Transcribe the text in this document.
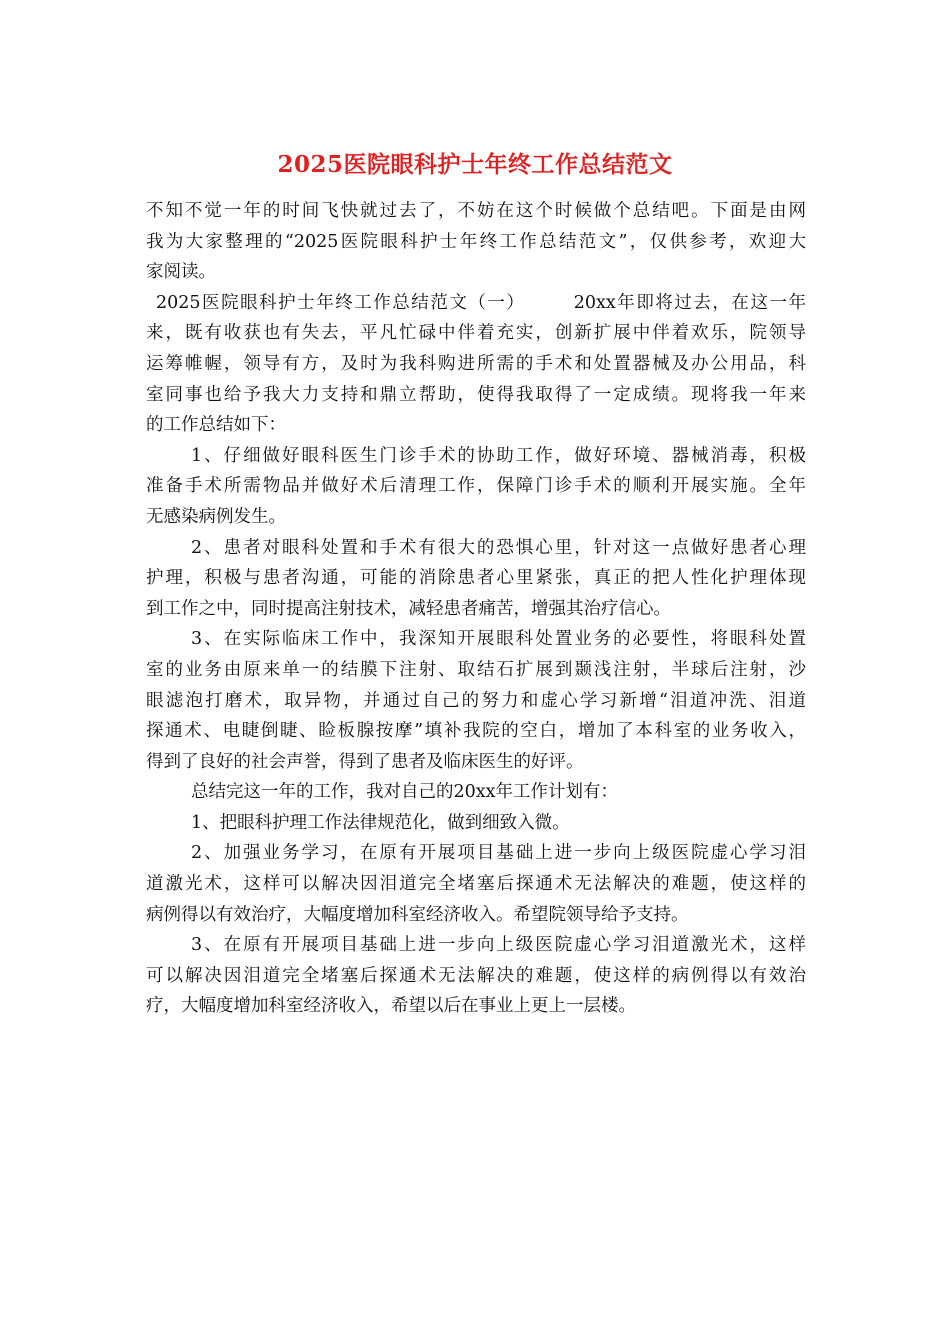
2025医院眼科护士年终工作总结范文
不知不觉一年的时间飞快就过去了，不妨在这个时候做个总结吧。下面是由网
我为大家整理的“2025医院眼科护士年终工作总结范文”，仅供参考，欢迎大
家阅读。
2025医院眼科护士年终工作总结范文（一）　　　20xx年即将过去，在这一年
来，既有收获也有失去，平凡忙碌中伴着充实，创新扩展中伴着欢乐，院领导
运筹帷幄，领导有方，及时为我科购进所需的手术和处置器械及办公用品，科
室同事也给予我大力支持和鼎立帮助，使得我取得了一定成绩。现将我一年来
的工作总结如下：
1、仔细做好眼科医生门诊手术的协助工作，做好环境、器械消毒，积极
准备手术所需物品并做好术后清理工作，保障门诊手术的顺利开展实施。全年
无感染病例发生。
2、患者对眼科处置和手术有很大的恐惧心里，针对这一点做好患者心理
护理，积极与患者沟通，可能的消除患者心里紧张，真正的把人性化护理体现
到工作之中，同时提高注射技术，减轻患者痛苦，增强其治疗信心。
3、在实际临床工作中，我深知开展眼科处置业务的必要性，将眼科处置
室的业务由原来单一的结膜下注射、取结石扩展到颞浅注射，半球后注射，沙
眼滤泡打磨术，取异物，并通过自己的努力和虚心学习新增“泪道冲洗、泪道
探通术、电睫倒睫、睑板腺按摩”填补我院的空白，增加了本科室的业务收入，
得到了良好的社会声誉，得到了患者及临床医生的好评。
总结完这一年的工作，我对自己的20xx年工作计划有：
1、把眼科护理工作法律规范化，做到细致入微。
2、加强业务学习，在原有开展项目基础上进一步向上级医院虚心学习泪
道激光术，这样可以解决因泪道完全堵塞后探通术无法解决的难题，使这样的
病例得以有效治疗，大幅度增加科室经济收入。希望院领导给予支持。
3、在原有开展项目基础上进一步向上级医院虚心学习泪道激光术，这样
可以解决因泪道完全堵塞后探通术无法解决的难题，使这样的病例得以有效治
疗，大幅度增加科室经济收入，希望以后在事业上更上一层楼。
